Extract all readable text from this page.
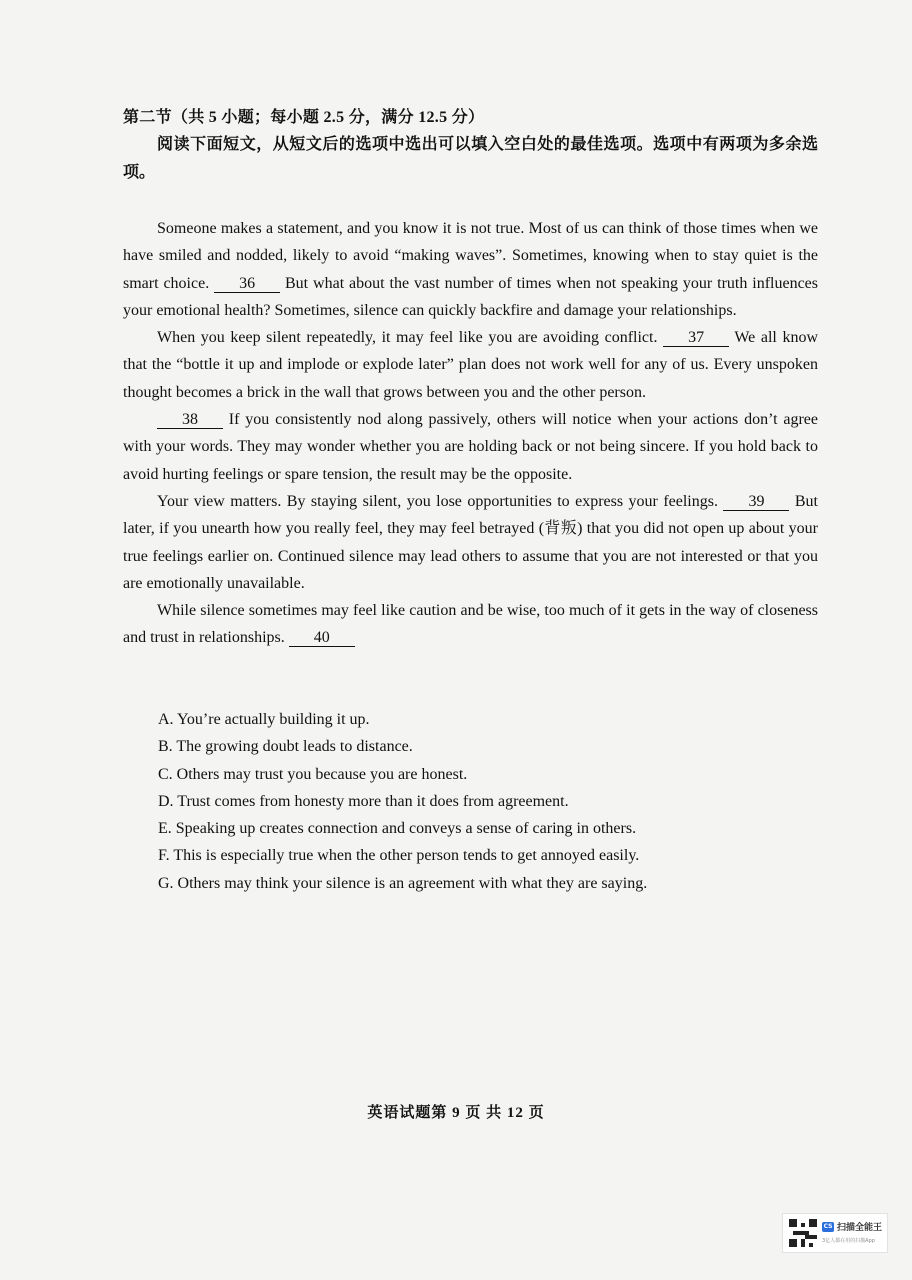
第二节（共 5 小题；每小题 2.5 分，满分 12.5 分）
阅读下面短文，从短文后的选项中选出可以填入空白处的最佳选项。选项中有两项为多余选项。

Someone makes a statement, and you know it is not true. Most of us can think of those times when we have smiled and nodded, likely to avoid “making waves”. Sometimes, knowing when to stay quiet is the smart choice. 36 But what about the vast number of times when not speaking your truth influences your emotional health? Sometimes, silence can quickly backfire and damage your relationships.

When you keep silent repeatedly, it may feel like you are avoiding conflict. 37 We all know that the “bottle it up and implode or explode later” plan does not work well for any of us. Every unspoken thought becomes a brick in the wall that grows between you and the other person.

38 If you consistently nod along passively, others will notice when your actions don’t agree with your words. They may wonder whether you are holding back or not being sincere. If you hold back to avoid hurting feelings or spare tension, the result may be the opposite.

Your view matters. By staying silent, you lose opportunities to express your feelings. 39 But later, if you unearth how you really feel, they may feel betrayed (背叛) that you did not open up about your true feelings earlier on. Continued silence may lead others to assume that you are not interested or that you are emotionally unavailable.

While silence sometimes may feel like caution and be wise, too much of it gets in the way of closeness and trust in relationships. 40

A. You’re actually building it up.
B. The growing doubt leads to distance.
C. Others may trust you because you are honest.
D. Trust comes from honesty more than it does from agreement.
E. Speaking up creates connection and conveys a sense of caring in others.
F. This is especially true when the other person tends to get annoyed easily.
G. Others may think your silence is an agreement with what they are saying.
英语试题第 9 页 共 12 页
CS 扫描全能王
3亿人都在用的扫描App
